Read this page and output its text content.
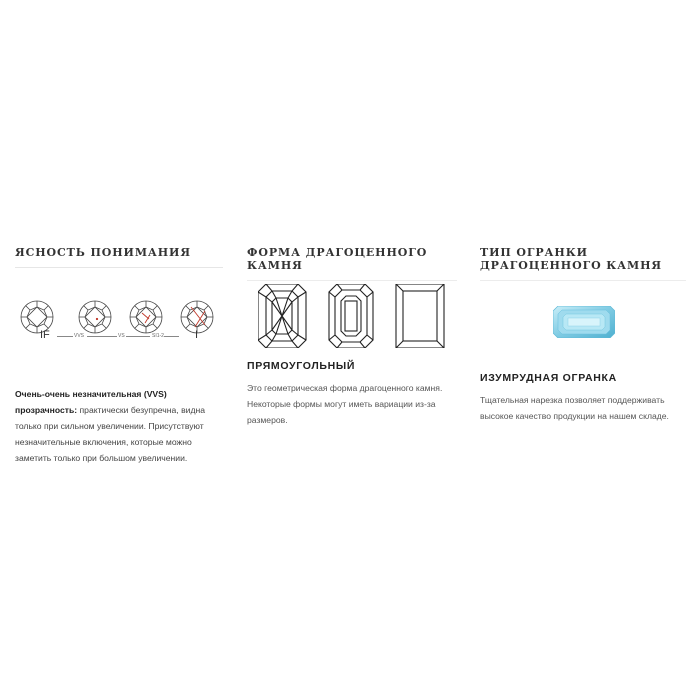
ЯСНОСТЬ ПОНИМАНИЯ
IF	VVS	VS	SI1-2	I

Очень-очень незначительная (VVS) прозрачность: практически безупречна, видна только при сильном увеличении. Присутствуют незначительные включения, которые можно заметить только при большом увеличении.

ФОРМА ДРАГОЦЕННОГО КАМНЯ
ПРЯМОУГОЛЬНЫЙ

Это геометрическая форма драгоценного камня. Некоторые формы могут иметь вариации из-за размеров.

ТИП ОГРАНКИ ДРАГОЦЕННОГО КАМНЯ
ИЗУМРУДНАЯ ОГРАНКА

Тщательная нарезка позволяет поддерживать высокое качество продукции на нашем складе.
